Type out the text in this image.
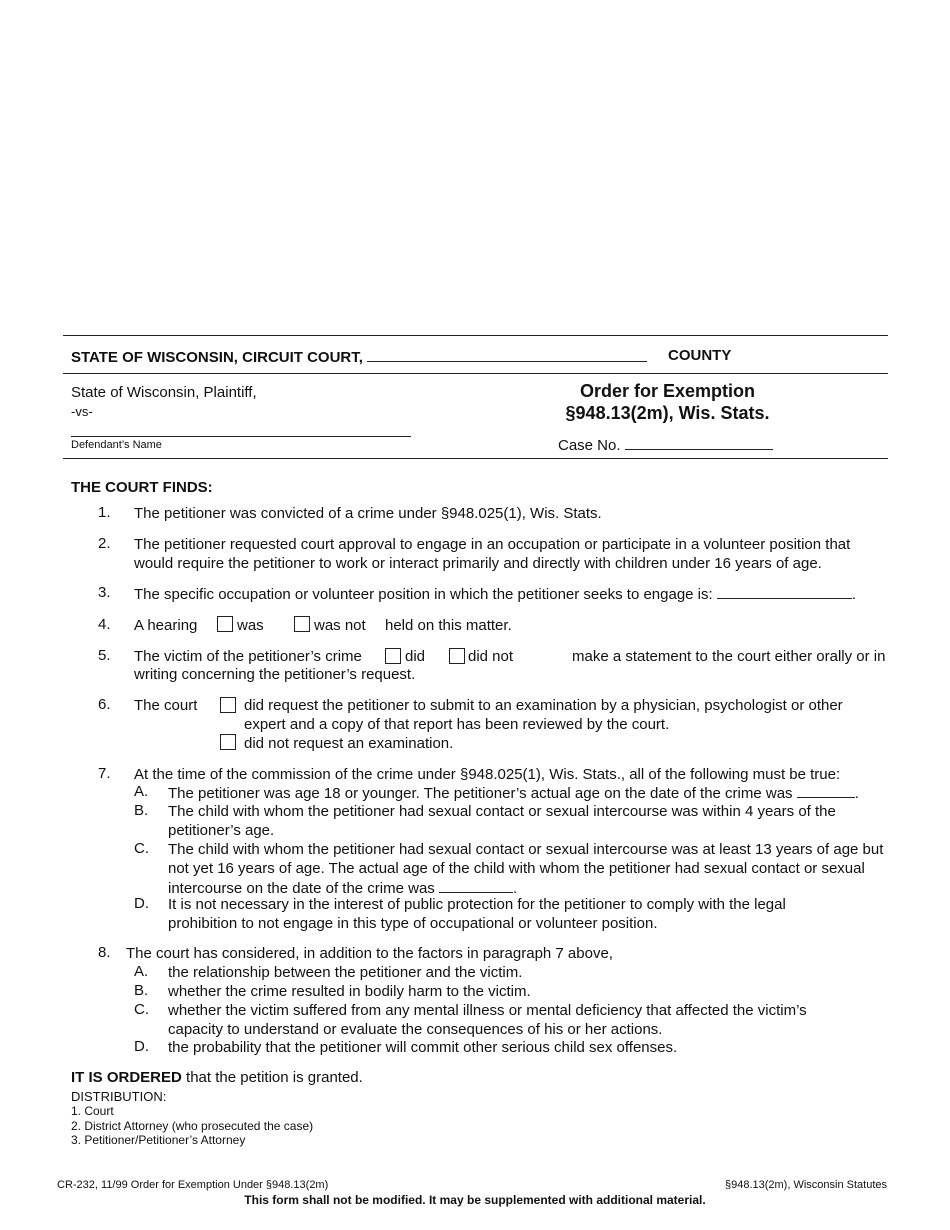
STATE OF WISCONSIN, CIRCUIT COURT,	COUNTY
State of Wisconsin, Plaintiff,
-vs-
Defendant’s Name
Order for Exemption
§948.13(2m), Wis. Stats.
Case No.
THE COURT FINDS:
1. The petitioner was convicted of a crime under §948.025(1), Wis. Stats.
2. The petitioner requested court approval to engage in an occupation or participate in a volunteer position that would require the petitioner to work or interact primarily and directly with children under 16 years of age.
3. The specific occupation or volunteer position in which the petitioner seeks to engage is:	.
4. A hearing	was	was not held on this matter.
5. The victim of the petitioner’s crime	did	did not	make a statement to the court either orally or in
writing concerning the petitioner’s request.
6. The court	did request the petitioner to submit to an examination by a physician, psychologist or other
expert and a copy of that report has been reviewed by the court.
did not request an examination.
7. At the time of the commission of the crime under §948.025(1), Wis. Stats., all of the following must be true:
A. The petitioner was age 18 or younger. The petitioner’s actual age on the date of the crime was	.
B. The child with whom the petitioner had sexual contact or sexual intercourse was within 4 years of the petitioner’s age.
C. The child with whom the petitioner had sexual contact or sexual intercourse was at least 13 years of age but not yet 16 years of age. The actual age of the child with whom the petitioner had sexual contact or sexual intercourse on the date of the crime was	.
D. It is not necessary in the interest of public protection for the petitioner to comply with the legal prohibition to not engage in this type of occupational or volunteer position.
8. The court has considered, in addition to the factors in paragraph 7 above,
A. the relationship between the petitioner and the victim.
B. whether the crime resulted in bodily harm to the victim.
C. whether the victim suffered from any mental illness or mental deficiency that affected the victim’s capacity to understand or evaluate the consequences of his or her actions.
D. the probability that the petitioner will commit other serious child sex offenses.
IT IS ORDERED that the petition is granted.
DISTRIBUTION:
1. Court
2. District Attorney (who prosecuted the case)
3. Petitioner/Petitioner’s Attorney
CR-232, 11/99 Order for Exemption Under §948.13(2m)	§948.13(2m), Wisconsin Statutes
This form shall not be modified. It may be supplemented with additional material.
